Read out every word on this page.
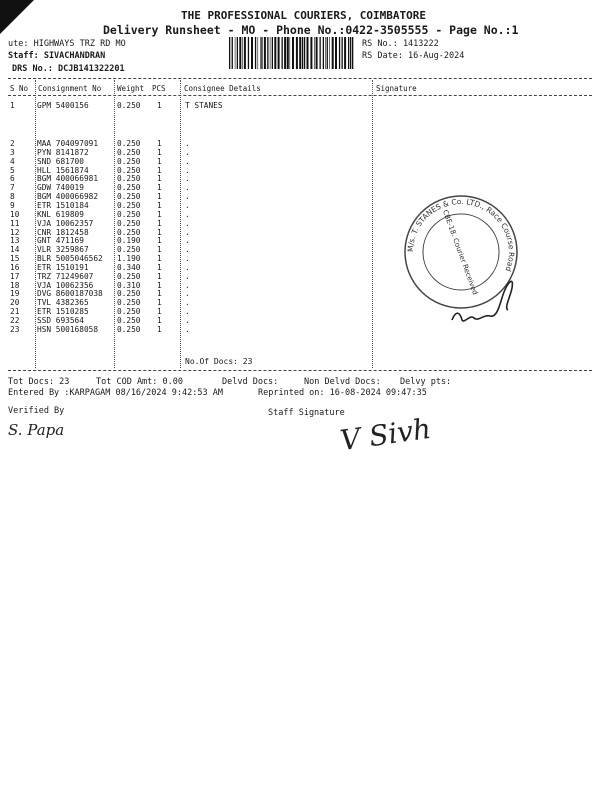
THE PROFESSIONAL COURIERS, COIMBATORE
Delivery Runsheet - MO - Phone No.:0422-3505555 - Page No.:1
ute: HIGHWAYS TRZ RD MO
Staff: SIVACHANDRAN
DRS No.: DCJB141322201
RS No.: 1413222
RS Date: 16-Aug-2024
S No Consignment No Weight PCS Consignee Details	Signature
1	GPM 5400156	0.250 1	T STANES
2	MAA 704097091 0.250 1	.
3	PYN 8141872	0.250 1	.
4	SND 681700	0.250 1	.
5	HLL 1561874	0.250 1	.
6	BGM 400066981 0.250 1	.
7	GDW 740019	0.250 1	.
8	BGM 400066982 0.250 1	.
9	ETR 1510184	0.250 1	.
10 KNL 619809	0.250 1	.
11 VJA 10062357	0.250 1	.
12 CNR 1812458	0.250 1	.
13 GNT 471169	0.190 1	.
14 VLR 3259867	0.250 1	.
15 BLR 5005046562 1.190 1	.
16 ETR 1510191	0.340 1	.
17 TRZ 71249607	0.250 1	.
18 VJA 10062356	0.310 1	.
19 DVG 8600187038 0.250 1	.
20 TVL 4382365	0.250 1	.
21 ETR 1510285	0.250 1	.
22 SSD 693564	0.250 1	.
23 HSN 500168058 0.250 1	.
No.Of Docs: 23
Tot Docs: 23	Tot COD Amt: 0.00	Delvd Docs:	Non Delvd Docs: Delvy pts:
Entered By :KARPAGAM 08/16/2024 9:42:53 AM	Reprinted on: 16-08-2024 09:47:35
Verified By
S. Papa
Staff Signature
V Sivh
M/s. T. STANES & Co. LTD., Race Course Road
CBE-18. Courier Received
